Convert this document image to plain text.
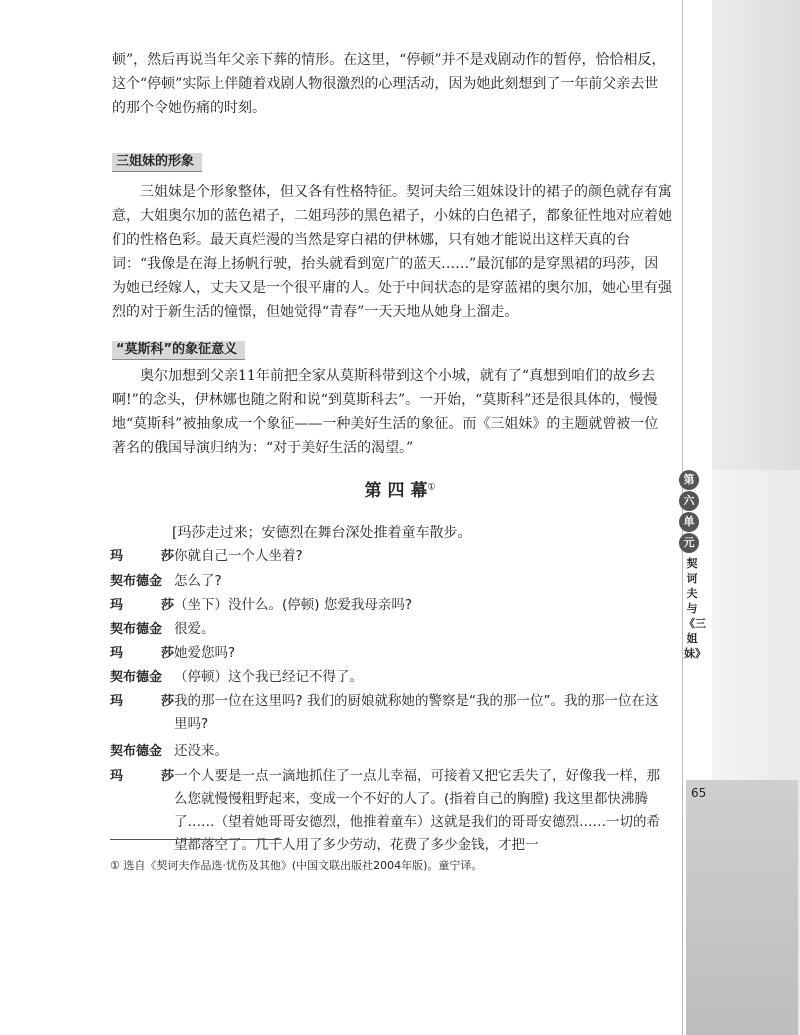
顿”，然后再说当年父亲下葬的情形。在这里，“停顿”并不是戏剧动作的暂停，恰恰相反，这个“停顿”实际上伴随着戏剧人物很激烈的心理活动，因为她此刻想到了一年前父亲去世的那个令她伤痛的时刻。

三姐妹的形象

三姐妹是个形象整体，但又各有性格特征。契诃夫给三姐妹设计的裙子的颜色就存有寓意，大姐奥尔加的蓝色裙子，二姐玛莎的黑色裙子，小妹的白色裙子，都象征性地对应着她们的性格色彩。最天真烂漫的当然是穿白裙的伊林娜，只有她才能说出这样天真的台词：“我像是在海上扬帆行驶，抬头就看到宽广的蓝天……”最沉郁的是穿黑裙的玛莎，因为她已经嫁人，丈夫又是一个很平庸的人。处于中间状态的是穿蓝裙的奥尔加，她心里有强烈的对于新生活的憧憬，但她觉得“青春”一天天地从她身上溜走。

“莫斯科”的象征意义

奥尔加想到父亲11年前把全家从莫斯科带到这个小城，就有了“真想到咱们的故乡去啊!”的念头，伊林娜也随之附和说“到莫斯科去”。一开始，“莫斯科”还是很具体的，慢慢地“莫斯科”被抽象成一个象征——一种美好生活的象征。而《三姐妹》的主题就曾被一位著名的俄国导演归纳为：“对于美好生活的渴望。”

第 四 幕①
[玛莎走过来；安德烈在舞台深处推着童车散步。
玛	莎 你就自己一个人坐着?
契布德金 怎么了?
玛	莎 （坐下）没什么。(停顿) 您爱我母亲吗?
契布德金 很爱。
玛	莎 她爱您吗?
契布德金 （停顿）这个我已经记不得了。
玛	莎 我的那一位在这里吗? 我们的厨娘就称她的警察是“我的那一位”。我的那一位在这里吗?
契布德金 还没来。
玛	莎 一个人要是一点一滴地抓住了一点儿幸福，可接着又把它丢失了，好像我一样，那么您就慢慢粗野起来，变成一个不好的人了。(指着自己的胸膛) 我这里都快沸腾了……（望着她哥哥安德烈，他推着童车）这就是我们的哥哥安德烈……一切的希望都落空了。几千人用了多少劳动，花费了多少金钱，才把一
① 选自《契诃夫作品选·忧伤及其他》(中国文联出版社2004年版)。童宁译。
第
六
单
元
契诃夫与《三姐妹》
65
